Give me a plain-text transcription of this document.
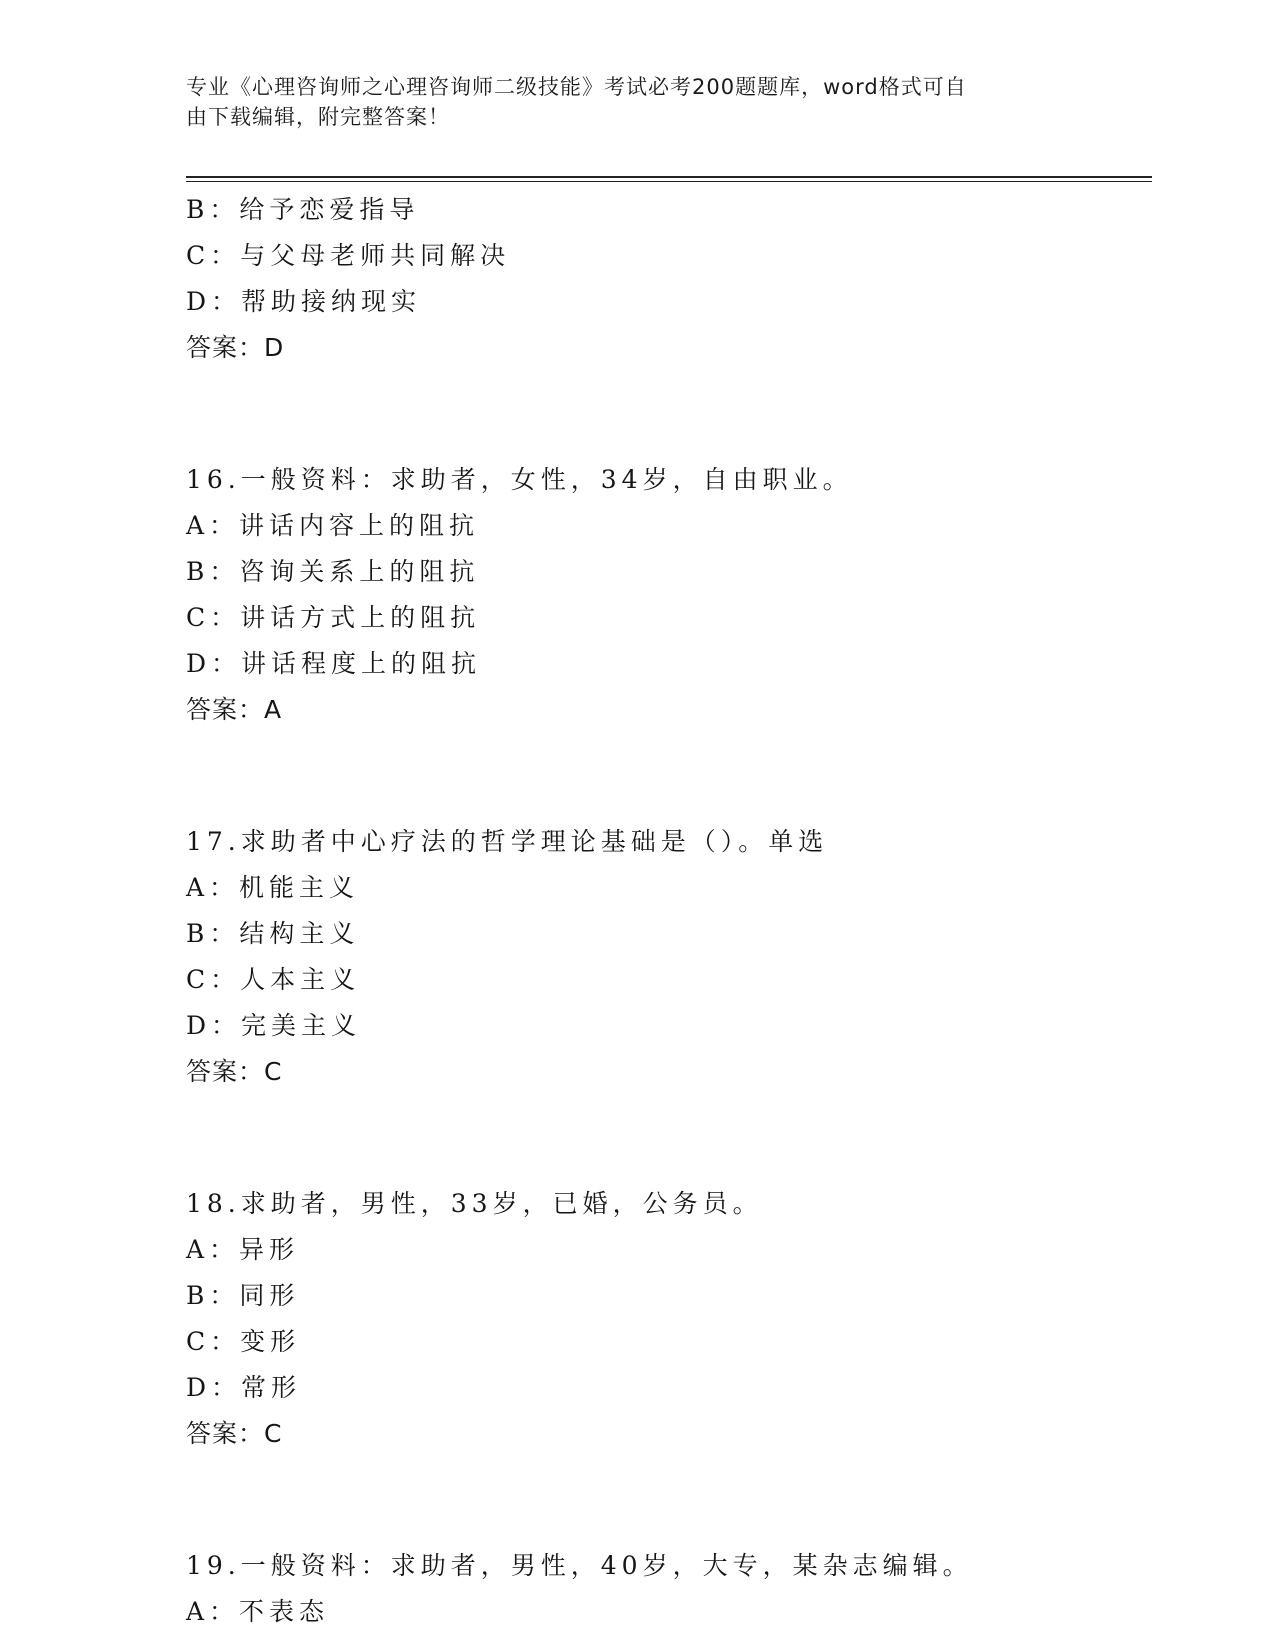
专业《心理咨询师之心理咨询师二级技能》考试必考200题题库，word格式可自
由下载编辑，附完整答案！
B：给予恋爱指导
C：与父母老师共同解决
D：帮助接纳现实
答案：D
16.一般资料：求助者，女性，34岁，自由职业。
A：讲话内容上的阻抗
B：咨询关系上的阻抗
C：讲话方式上的阻抗
D：讲话程度上的阻抗
答案：A
17.求助者中心疗法的哲学理论基础是（）。单选
A：机能主义
B：结构主义
C：人本主义
D：完美主义
答案：C
18.求助者，男性，33岁，已婚，公务员。
A：异形
B：同形
C：变形
D：常形
答案：C
19.一般资料：求助者，男性，40岁，大专，某杂志编辑。
A：不表态
